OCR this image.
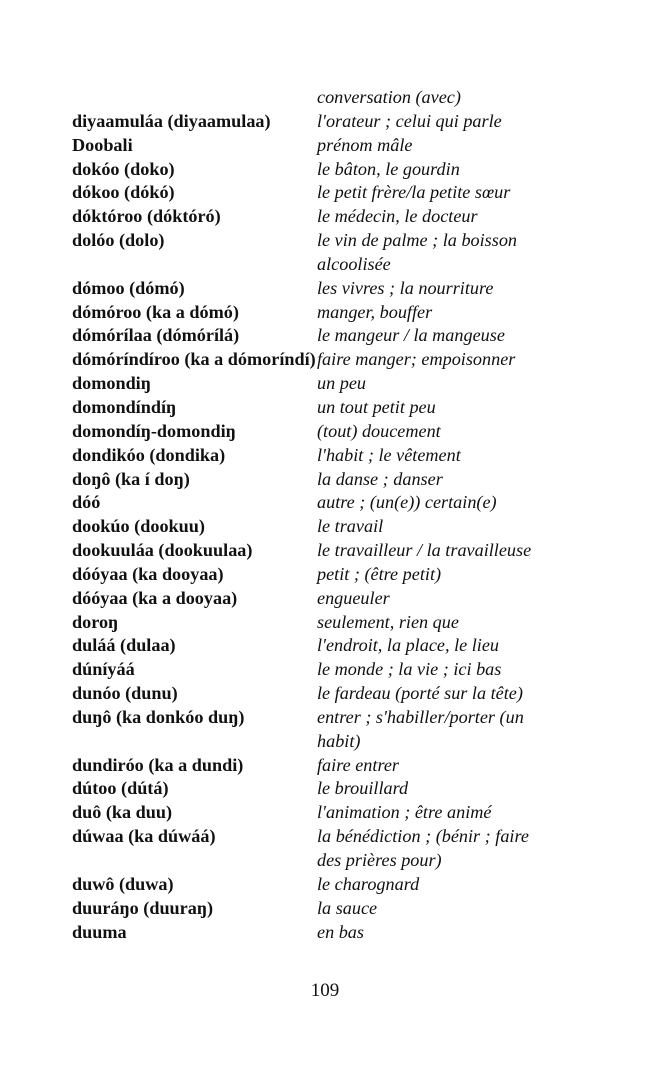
conversation (avec)
diyaamuláa (diyaamulaa)	l'orateur ; celui qui parle
Doobali	prénom mâle
dokóo (doko)	le bâton, le gourdin
dókoo (dókó)	le petit frère/la petite sœur
dóktóroo (dóktóró)	le médecin, le docteur
dolóo (dolo)	le vin de palme ; la boisson
alcoolisée
dómoo (dómó)	les vivres ; la nourriture
dómóroo (ka a dómó)	manger, bouffer
dómórílaa (dómórílá)	le mangeur / la mangeuse
dómóríndíroo (ka a dómoríndí) faire manger; empoisonner
domondiŋ	un peu
domondíndíŋ	un tout petit peu
domondíŋ-domondiŋ	(tout) doucement
dondikóo (dondika)	l'habit ; le vêtement
doŋô (ka í doŋ)	la danse ; danser
dóó	autre ; (un(e)) certain(e)
dookúo (dookuu)	le travail
dookuuláa (dookuulaa)	le travailleur / la travailleuse
dóóyaa (ka dooyaa)	petit ; (être petit)
dóóyaa (ka a dooyaa)	engueuler
doroŋ	seulement, rien que
duláá (dulaa)	l'endroit, la place, le lieu
dúníyáá	le monde ; la vie ; ici bas
dunóo (dunu)	le fardeau (porté sur la tête)
duŋô (ka donkóo duŋ)	entrer ; s'habiller/porter (un
habit)
dundiróo (ka a dundi)	faire entrer
dútoo (dútá)	le brouillard
duô (ka duu)	l'animation ; être animé
dúwaa (ka dúwáá)	la bénédiction ; (bénir ; faire
des prières pour)
duwô (duwa)	le charognard
duuráŋo (duuraŋ)	la sauce
duuma	en bas
109
